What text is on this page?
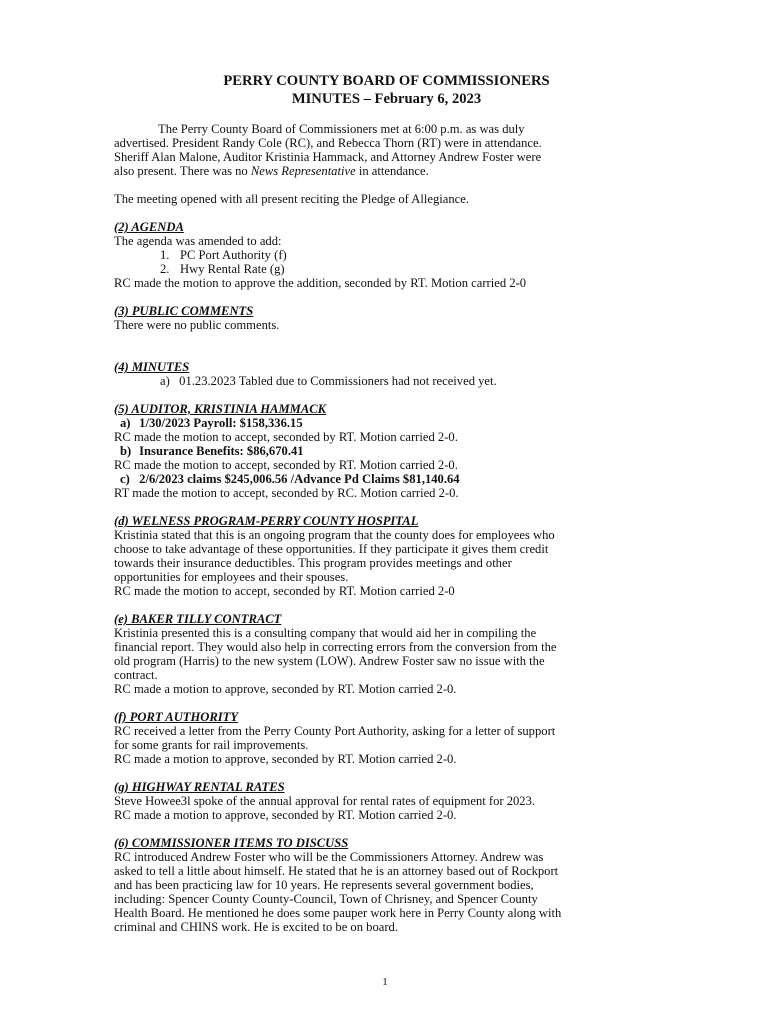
PERRY COUNTY BOARD OF COMMISSIONERS
MINUTES – February 6, 2023

The Perry County Board of Commissioners met at 6:00 p.m. as was duly

advertised. President Randy Cole (RC), and Rebecca Thorn (RT) were in attendance.

Sheriff Alan Malone, Auditor Kristinia Hammack, and Attorney Andrew Foster were

also present. There was no News Representative in attendance.

The meeting opened with all present reciting the Pledge of Allegiance.

(2) AGENDA

The agenda was amended to add:

1. PC Port Authority (f)
2. Hwy Rental Rate (g)

RC made the motion to approve the addition, seconded by RT. Motion carried 2-0

(3) PUBLIC COMMENTS

There were no public comments.

(4) MINUTES
a) 01.23.2023 Tabled due to Commissioners had not received yet.
(5) AUDITOR, KRISTINIA HAMMACK
a) 1/30/2023 Payroll: $158,336.15

RC made the motion to accept, seconded by RT. Motion carried 2-0.

b) Insurance Benefits: $86,670.41

RC made the motion to accept, seconded by RT. Motion carried 2-0.

c) 2/6/2023 claims $245,006.56 /Advance Pd Claims $81,140.64

RT made the motion to accept, seconded by RC. Motion carried 2-0.

(d) WELNESS PROGRAM-PERRY COUNTY HOSPITAL

Kristinia stated that this is an ongoing program that the county does for employees who

choose to take advantage of these opportunities. If they participate it gives them credit

towards their insurance deductibles. This program provides meetings and other

opportunities for employees and their spouses.

RC made the motion to accept, seconded by RT. Motion carried 2-0

(e) BAKER TILLY CONTRACT

Kristinia presented this is a consulting company that would aid her in compiling the

financial report. They would also help in correcting errors from the conversion from the

old program (Harris) to the new system (LOW). Andrew Foster saw no issue with the

contract.

RC made a motion to approve, seconded by RT. Motion carried 2-0.

(f) PORT AUTHORITY

RC received a letter from the Perry County Port Authority, asking for a letter of support

for some grants for rail improvements.

RC made a motion to approve, seconded by RT. Motion carried 2-0.

(g) HIGHWAY RENTAL RATES

Steve Howee3l spoke of the annual approval for rental rates of equipment for 2023.

RC made a motion to approve, seconded by RT. Motion carried 2-0.

(6) COMMISSIONER ITEMS TO DISCUSS

RC introduced Andrew Foster who will be the Commissioners Attorney. Andrew was

asked to tell a little about himself. He stated that he is an attorney based out of Rockport

and has been practicing law for 10 years. He represents several government bodies,

including: Spencer County County-Council, Town of Chrisney, and Spencer County

Health Board. He mentioned he does some pauper work here in Perry County along with

criminal and CHINS work. He is excited to be on board.

1
